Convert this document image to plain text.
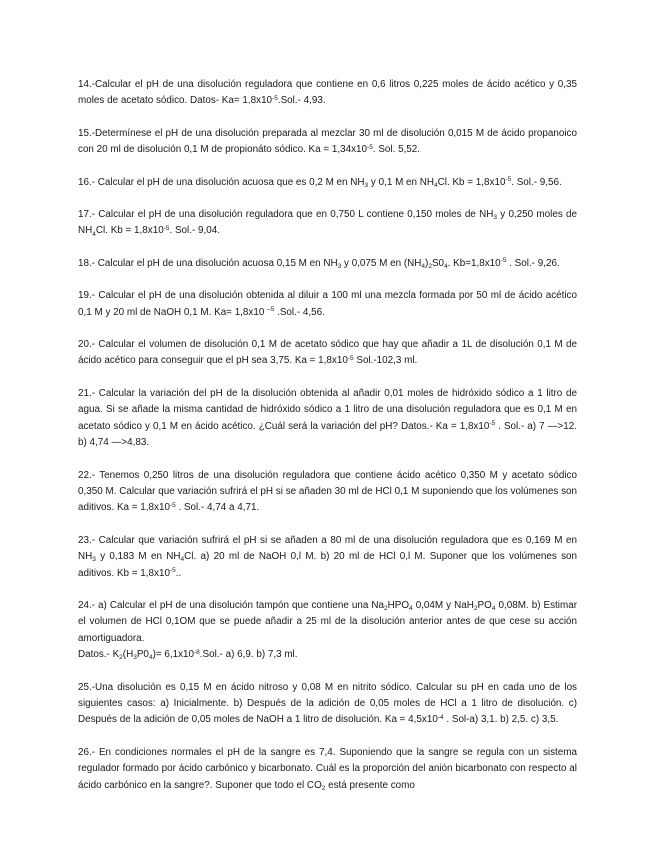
14.-Calcular el pH de una disolución reguladora que contiene en 0,6 litros 0,225 moles de ácido acético y 0,35 moles de acetato sódico. Datos- $Ka= 1,8x10^{-5}.Sol.-$ 4,93.

15.-Determínese el pH de una disolución preparada al mezclar 30 ml de disolución 0,015 M de ácido propanoico con 20 ml de disolución 0,1 M de propionáto sódico. $Ka = 1,34x10^{-5}$. Sol. 5,52.

16.- Calcular el pH de una disolución acuosa que es 0,2 M en $NH_3$ y 0,1 M en $NH_4Cl$. $Kb = 1,8x10^{-5}$. Sol.- 9,56.

17.- Calcular el pH de una disolución reguladora que en 0,750 L contiene 0,150 moles de $NH_3$ y 0,250 moles de $NH_4Cl$. $Kb = 1,8x10^{-5}$. Sol.- 9,04.

18.- Calcular el pH de una disolución acuosa 0,15 M en $NH_3$ y 0,075 M en $(NH_4)_2S0_4$. $Kb=1,8x10^{-5}$ . Sol.- 9,26.

19.- Calcular el pH de una disolución obtenida al diluir a 100 ml una mezcla formada por 50 ml de ácido acético 0,1 M y 20 ml de NaOH 0,1 M. Ka= 1,8x10 $^{-5}$ .Sol.- 4,56.

20.- Calcular el volumen de disolución 0,1 M de acetato sódico que hay que añadir a 1L de disolución 0,1 M de ácido acético para conseguir que el pH sea 3,75. $Ka = 1,8x10^{-5}$ Sol.-102,3 ml.

21.- Calcular la variación del pH de la disolución obtenida al añadir 0,01 moles de hidróxido sódico a 1 litro de agua. Si se añade la misma cantidad de hidróxido sódico a 1 litro de una disolución reguladora que es 0,1 M en acetato sódico y 0,1 M en ácido acético. ¿Cuál será la variación del pH? Datos.- $Ka = 1,8x10^{-5}$ . Sol.- a) 7 —>12. b) 4,74 —>4,83.

22.- Tenemos 0,250 litros de una disolución reguladora que contiene ácido acético 0,350 M y acetato sódico 0,350 M. Calcular que variación sufrirá el pH si se añaden 30 ml de HCl 0,1 M suponiendo que los volúmenes son aditivos. $Ka = 1,8x10^{-5}$ . Sol.- 4,74 a 4,71.

23.- Calcular que variación sufrirá el pH si se añaden a 80 ml de una disolución reguladora que es 0,169 M en $NH_3$ y 0,183 M en $NH_4Cl$. a) 20 ml de NaOH 0,l M. b) 20 ml de HCl 0,l M. Suponer que los volúmenes son aditivos. $Kb = 1,8x10^{-5}$..

24.- a) Calcular el pH de una disolución tampón que contiene una $Na_2HPO_4$ 0,04M y $NaH_2PO_4$ 0,08M. b) Estimar el volumen de HCl 0,1OM que se puede añadir a 25 ml de la disolución anterior antes de que cese su acción amortiguadora.
Datos.- $K_2(H_3P0_4)= 6,1x10^{-8}.Sol.-$ a) 6,9. b) 7,3 ml.

25.-Una disolución es 0,15 M en ácido nitroso y 0,08 M en nitrito sódico. Calcular su pH en cada uno de los siguientes casos: a) Inicialmente. b) Después de la adición de 0,05 moles de HCl a 1 litro de disolución. c) Después de la adición de 0,05 moles de NaOH a 1 litro de disolución. $Ka = 4,5x10^{-4}$ . Sol-a) 3,1. b) 2,5. c) 3,5.

26.- En condiciones normales el pH de la sangre es 7,4. Suponiendo que la sangre se regula con un sistema regulador formado por ácido carbónico y bicarbonato. Cuál es la proporción del anión bicarbonato con respecto al ácido carbónico en la sangre?. Suponer que todo el $CO_2$ está presente como
